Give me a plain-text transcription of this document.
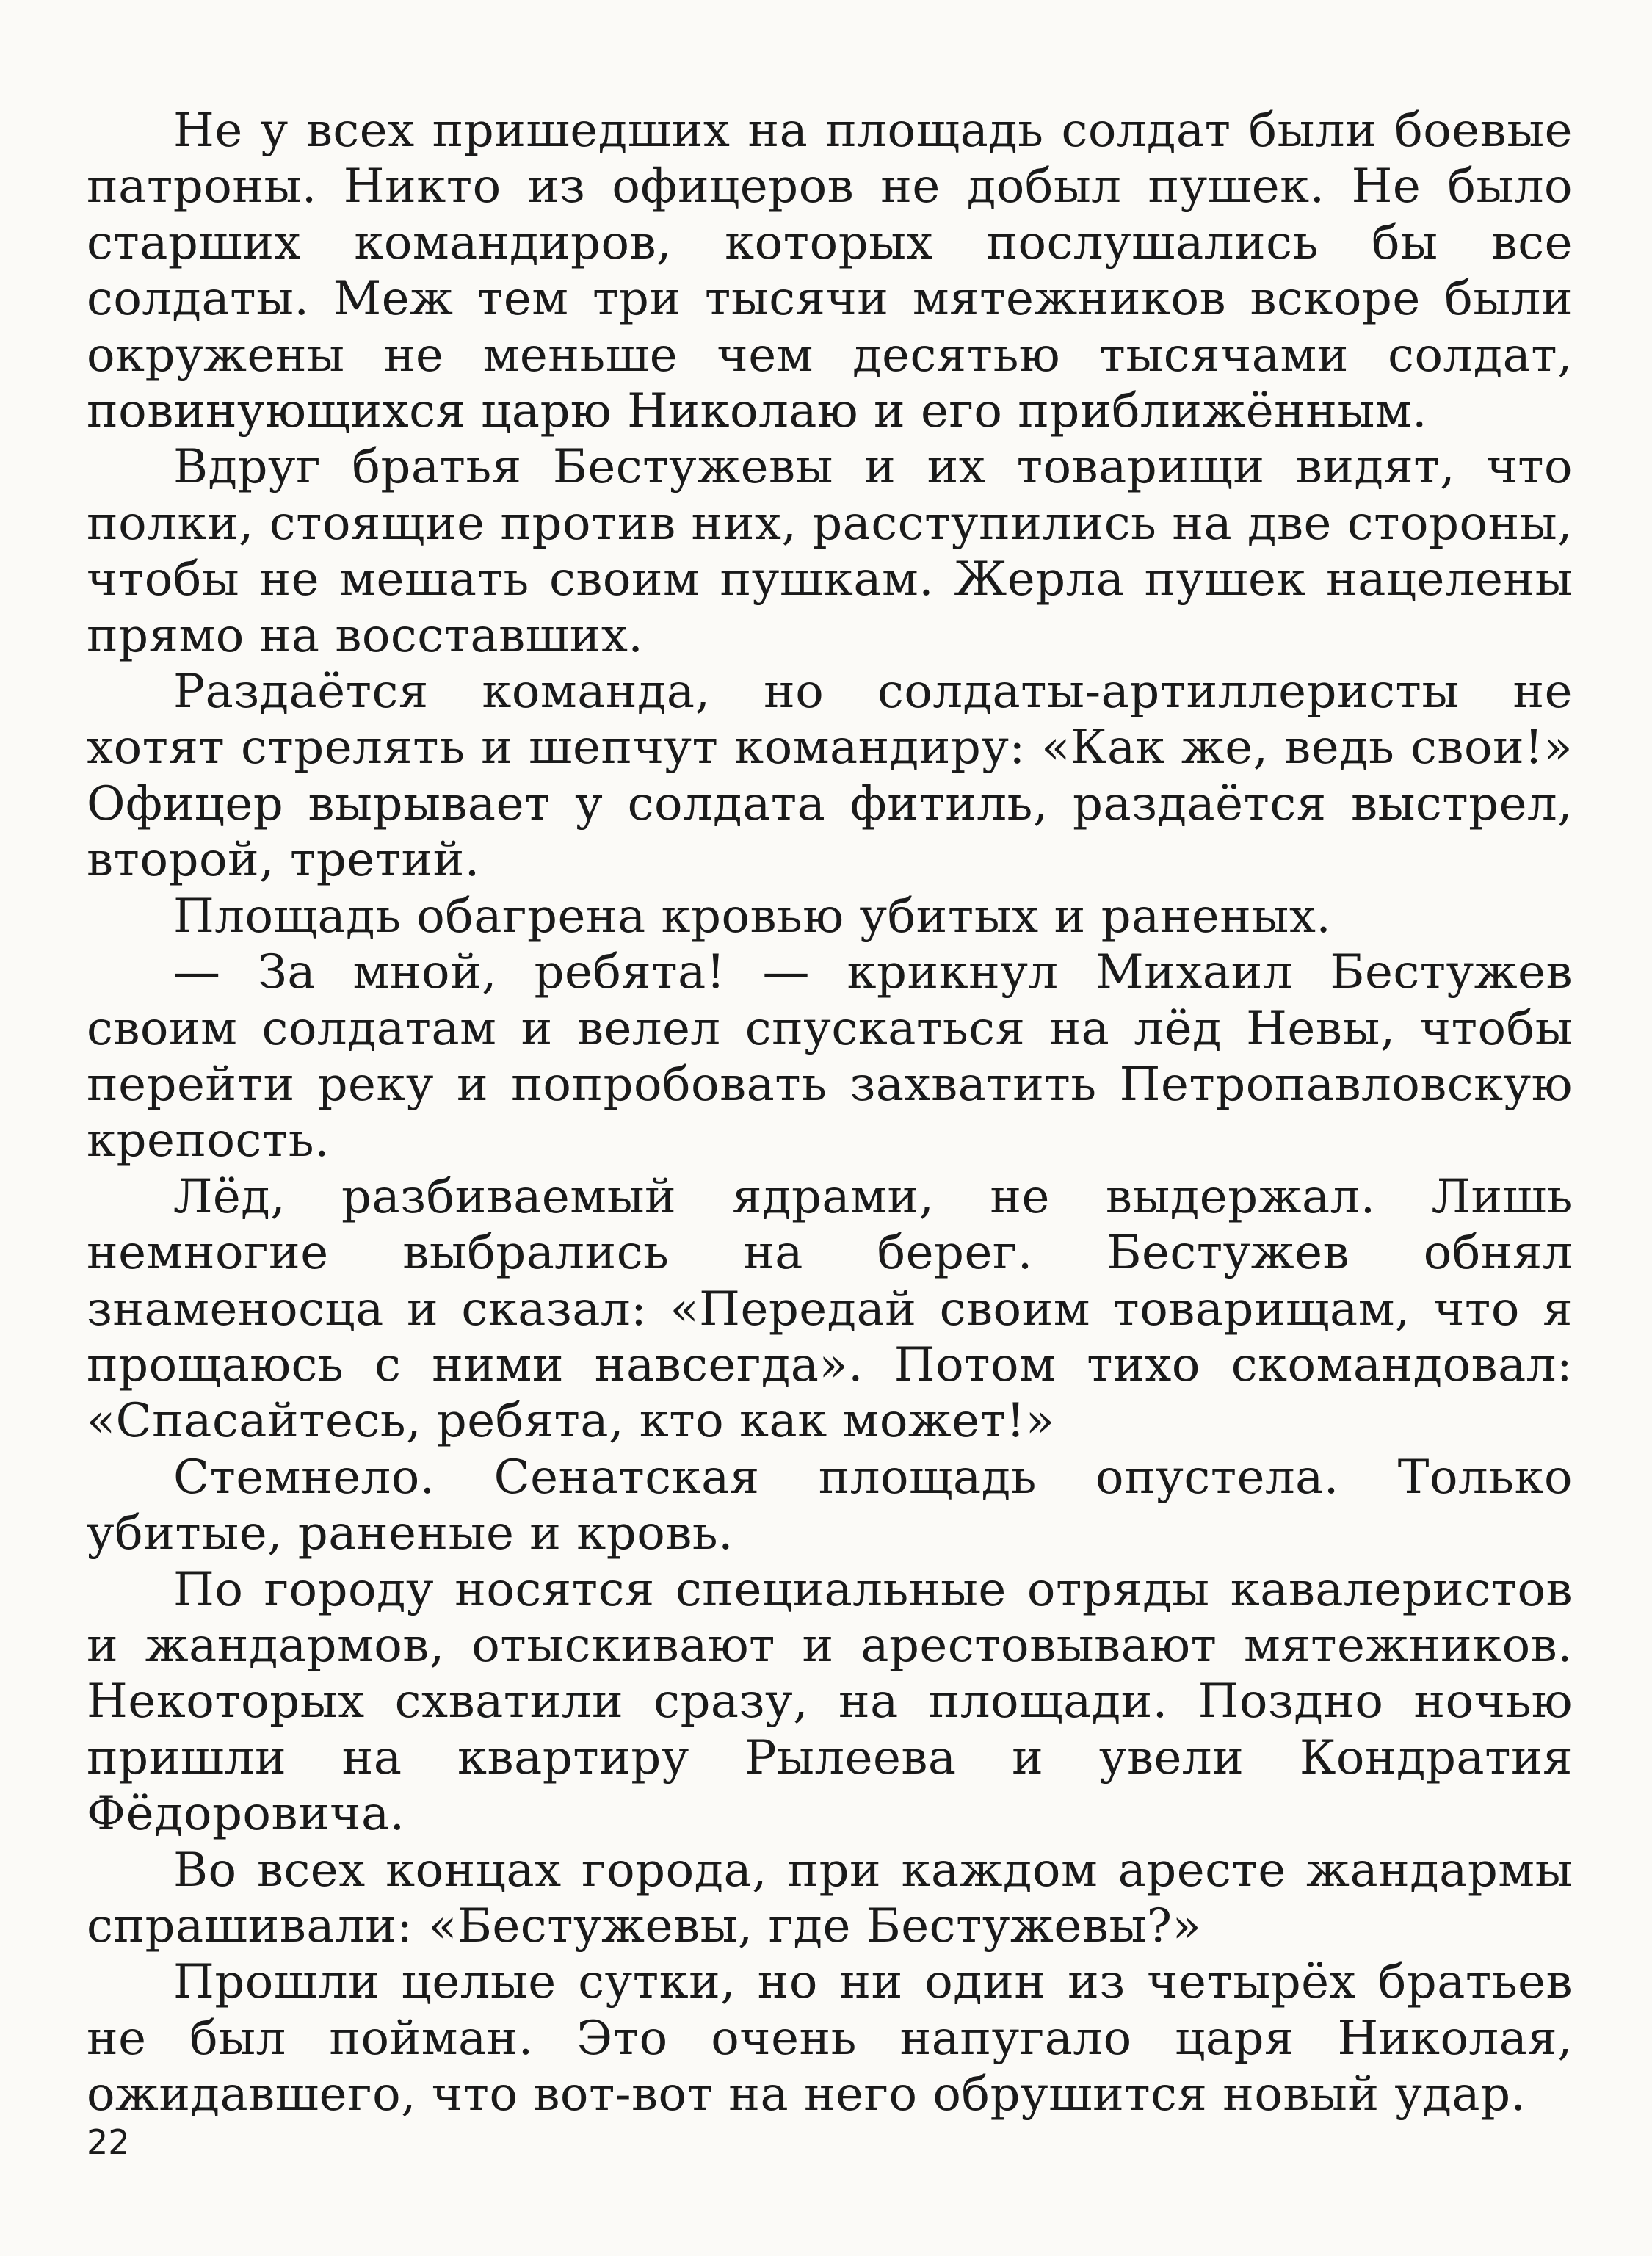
Не у всех пришедших на площадь солдат были боевые патроны. Никто из офицеров не добыл пушек. Не было старших командиров, которых послушались бы все солдаты. Меж тем три тысячи мятежников вскоре были окружены не меньше чем десятью тысячами солдат, повинующихся царю Николаю и его приближённым.

Вдруг братья Бестужевы и их товарищи видят, что полки, стоящие против них, расступились на две стороны, чтобы не мешать своим пушкам. Жерла пушек нацелены прямо на восставших.

Раздаётся команда, но солдаты-артиллеристы не хотят стрелять и шепчут командиру: «Как же, ведь свои!» Офицер вырывает у солдата фитиль, раздаётся выстрел, второй, третий.

Площадь обагрена кровью убитых и раненых.

— За мной, ребята! — крикнул Михаил Бестужев своим солдатам и велел спускаться на лёд Невы, чтобы перейти реку и попробовать захватить Петропавловскую крепость.

Лёд, разбиваемый ядрами, не выдержал. Лишь немногие выбрались на берег. Бестужев обнял знаменосца и сказал: «Передай своим товарищам, что я прощаюсь с ними навсегда». Потом тихо скомандовал: «Спасайтесь, ребята, кто как может!»

Стемнело. Сенатская площадь опустела. Только убитые, раненые и кровь.

По городу носятся специальные отряды кавалеристов и жандармов, отыскивают и арестовывают мятежников. Некоторых схватили сразу, на площади. Поздно ночью пришли на квартиру Рылеева и увели Кондратия Фёдоровича.

Во всех концах города, при каждом аресте жандармы спрашивали: «Бестужевы, где Бестужевы?»

Прошли целые сутки, но ни один из четырёх братьев не был пойман. Это очень напугало царя Николая, ожидавшего, что вот-вот на него обрушится новый удар.

22
